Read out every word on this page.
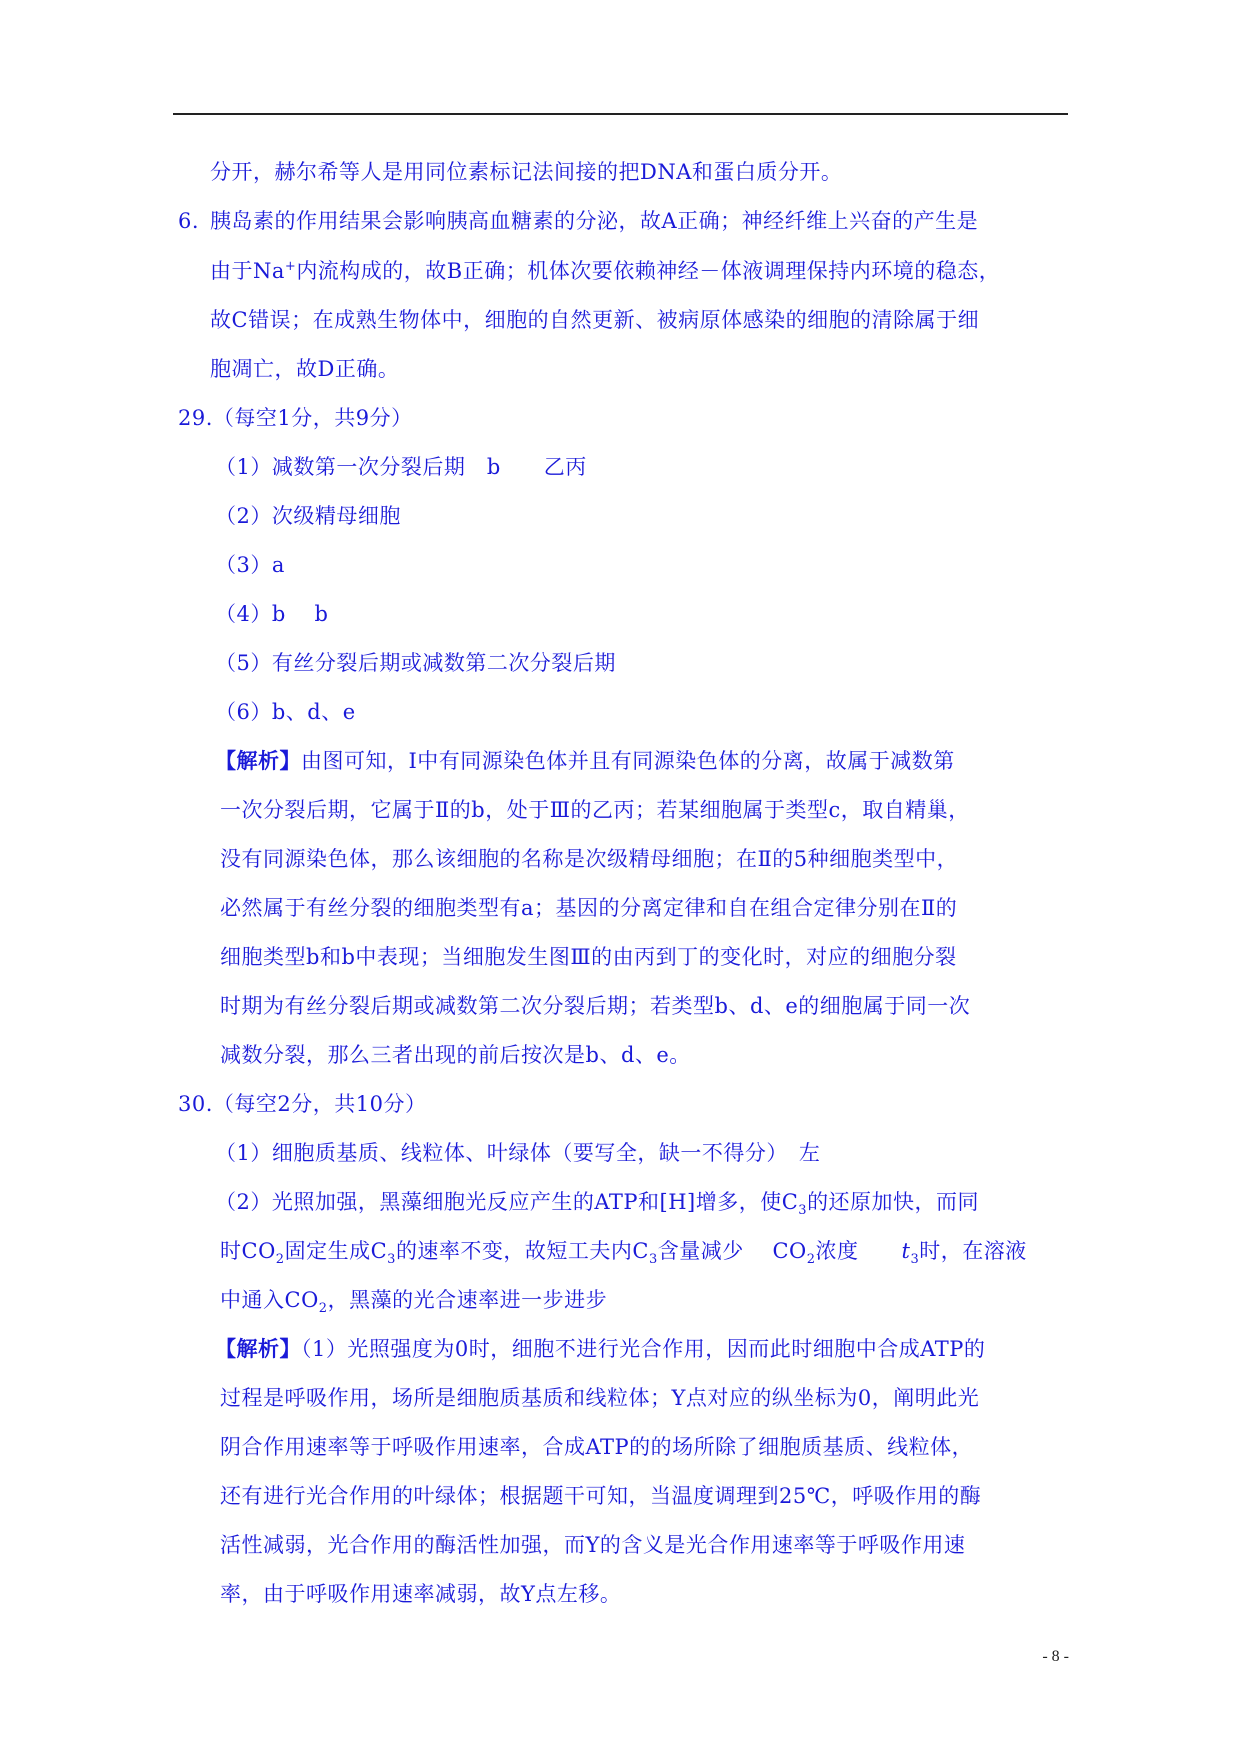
分开，赫尔希等人是用同位素标记法间接的把DNA和蛋白质分开。
6. 胰岛素的作用结果会影响胰高血糖素的分泌，故A正确；神经纤维上兴奋的产生是
由于Na+内流构成的，故B正确；机体次要依赖神经－体液调理保持内环境的稳态，
故C错误；在成熟生物体中，细胞的自然更新、被病原体感染的细胞的清除属于细
胞凋亡，故D正确。
29.（每空1分，共9分）
（1）减数第一次分裂后期　b　　乙丙
（2）次级精母细胞
（3）a
（4）b　 b
（5）有丝分裂后期或减数第二次分裂后期
（6）b、d、e
【解析】由图可知，Ⅰ中有同源染色体并且有同源染色体的分离，故属于减数第
一次分裂后期，它属于Ⅱ的b，处于Ⅲ的乙丙；若某细胞属于类型c，取自精巢，
没有同源染色体，那么该细胞的名称是次级精母细胞；在Ⅱ的5种细胞类型中，
必然属于有丝分裂的细胞类型有a；基因的分离定律和自在组合定律分别在Ⅱ的
细胞类型b和b中表现；当细胞发生图Ⅲ的由丙到丁的变化时，对应的细胞分裂
时期为有丝分裂后期或减数第二次分裂后期；若类型b、d、e的细胞属于同一次
减数分裂，那么三者出现的前后按次是b、d、e。
30.（每空2分，共10分）
（1）细胞质基质、线粒体、叶绿体（要写全，缺一不得分）　左
（2）光照加强，黑藻细胞光反应产生的ATP和[H]增多，使$C_3$的还原加快，而同
时$CO_2$固定生成$C_3$的速率不变，故短工夫内$C_3$含量减少　 $CO_2$浓度　　$t_3$时，在溶液
中通入$CO_2$，黑藻的光合速率进一步进步
【解析】（1）光照强度为0时，细胞不进行光合作用，因而此时细胞中合成ATP的
过程是呼吸作用，场所是细胞质基质和线粒体；Y点对应的纵坐标为0，阐明此光
阴合作用速率等于呼吸作用速率，合成ATP的的场所除了细胞质基质、线粒体，
还有进行光合作用的叶绿体；根据题干可知，当温度调理到25℃，呼吸作用的酶
活性减弱，光合作用的酶活性加强，而Y的含义是光合作用速率等于呼吸作用速
率，由于呼吸作用速率减弱，故Y点左移。
- 8 -
